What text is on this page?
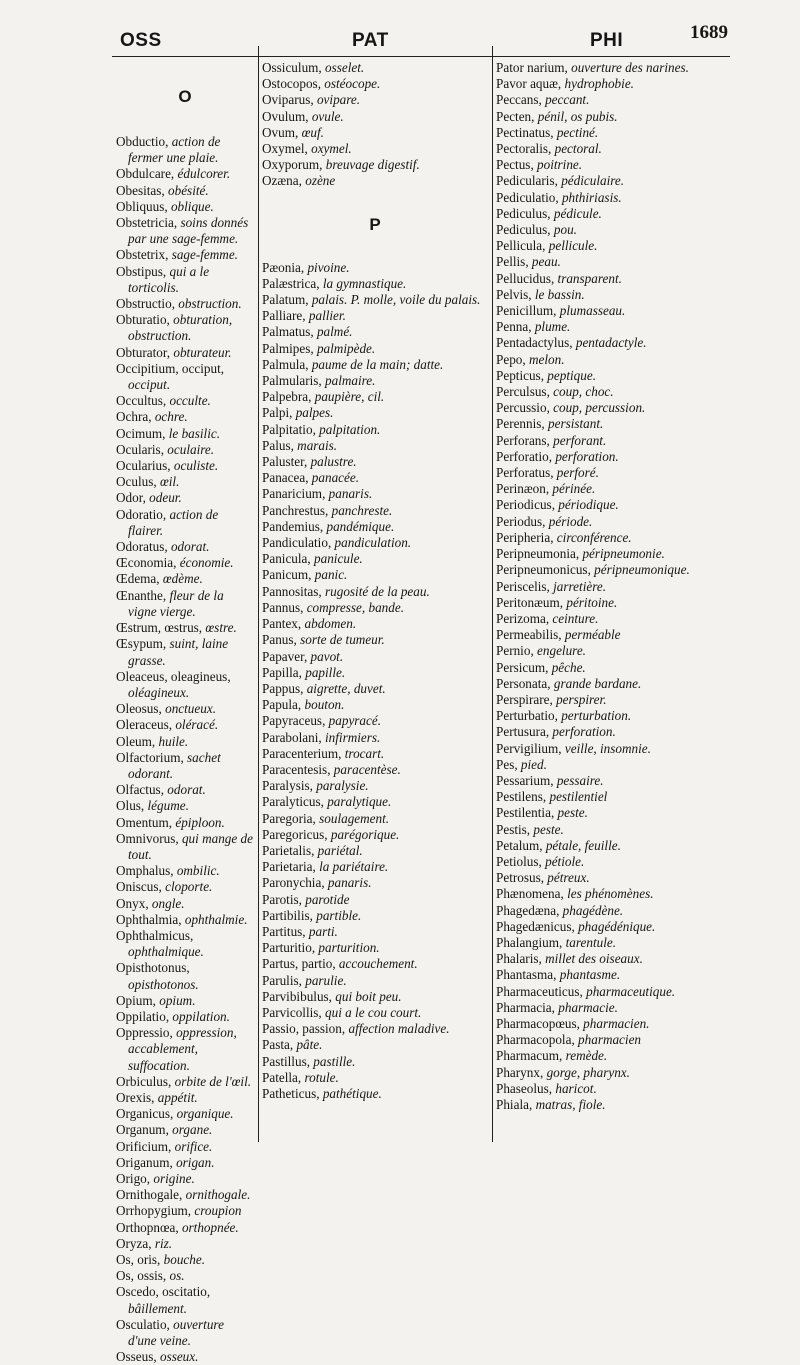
OSS	PAT	PHI	1689
O
Obductio, action de fermer une plaie.
Obdulcare, édulcorer.
Obesitas, obésité.
Obliquus, oblique.
Obstetricia, soins donnés par une sage-femme.
Obstetrix, sage-femme.
Obstipus, qui a le torticolis.
Obstructio, obstruction.
Obturatio, obturation, obstruction.
Obturator, obturateur.
Occipitium, occiput, occiput.
Occultus, occulte.
Ochra, ochre.
Ocimum, le basilic.
Ocularis, oculaire.
Ocularius, oculiste.
Oculus, œil.
Odor, odeur.
Odoratio, action de flairer.
Odoratus, odorat.
Œconomia, économie.
Œdema, œdème.
Œnanthe, fleur de la vigne vierge.
Œstrum, œstrus, œstre.
Œsypum, suint, laine grasse.
Oleaceus, oleagineus, oléagineux.
Oleosus, onctueux.
Oleraceus, oléracé.
Oleum, huile.
Olfactorium, sachet odorant.
Olfactus, odorat.
Olus, légume.
Omentum, épiploon.
Omnivorus, qui mange de tout.
Omphalus, ombilic.
Oniscus, cloporte.
Onyx, ongle.
Ophthalmia, ophthalmie.
Ophthalmicus, ophthalmique.
Opisthotonus, opisthotonos.
Opium, opium.
Oppilatio, oppilation.
Oppressio, oppression, accablement, suffocation.
Orbiculus, orbite de l'œil.
Orexis, appétit.
Organicus, organique.
Organum, organe.
Orificium, orifice.
Origanum, origan.
Origo, origine.
Ornithogale, ornithogale.
Orrhopygium, croupion
Orthopnœa, orthopnée.
Oryza, riz.
Os, oris, bouche.
Os, ossis, os.
Oscedo, oscitatio, bâillement.
Osculatio, ouverture d'une veine.
Osseus, osseux.
Ossiculum, osselet.
Ostocopos, ostéocope.
Oviparus, ovipare.
Ovulum, ovule.
Ovum, œuf.
Oxymel, oxymel.
Oxyporum, breuvage digestif.
Ozæna, ozène
P
Pæonia, pivoine.
Palæstrica, la gymnastique.
Palatum, palais. P. molle, voile du palais.
Palliare, pallier.
Palmatus, palmé.
Palmipes, palmipède.
Palmula, paume de la main; datte.
Palmularis, palmaire.
Palpebra, paupière, cil.
Palpi, palpes.
Palpitatio, palpitation.
Palus, marais.
Paluster, palustre.
Panacea, panacée.
Panaricium, panaris.
Panchrestus, panchreste.
Pandemius, pandémique.
Pandiculatio, pandiculation.
Panicula, panicule.
Panicum, panic.
Pannositas, rugosité de la peau.
Pannus, compresse, bande.
Pantex, abdomen.
Panus, sorte de tumeur.
Papaver, pavot.
Papilla, papille.
Pappus, aigrette, duvet.
Papula, bouton.
Papyraceus, papyracé.
Parabolani, infirmiers.
Paracenterium, trocart.
Paracentesis, paracentèse.
Paralysis, paralysie.
Paralyticus, paralytique.
Paregoria, soulagement.
Paregoricus, parégorique.
Parietalis, pariétal.
Parietaria, la pariétaire.
Paronychia, panaris.
Parotis, parotide
Partibilis, partible.
Partitus, parti.
Parturitio, parturition.
Partus, partio, accouchement.
Parulis, parulie.
Parvibibulus, qui boit peu.
Parvicollis, qui a le cou court.
Passio, passion, affection maladive.
Pasta, pâte.
Pastillus, pastille.
Patella, rotule.
Patheticus, pathétique.
Pator narium, ouverture des narines.
Pavor aquæ, hydrophobie.
Peccans, peccant.
Pecten, pénil, os pubis.
Pectinatus, pectiné.
Pectoralis, pectoral.
Pectus, poitrine.
Pedicularis, pédiculaire.
Pediculatio, phthiriasis.
Pediculus, pédicule.
Pediculus, pou.
Pellicula, pellicule.
Pellis, peau.
Pellucidus, transparent.
Pelvis, le bassin.
Penicillum, plumasseau.
Penna, plume.
Pentadactylus, pentadactyle.
Pepo, melon.
Pepticus, peptique.
Perculsus, coup, choc.
Percussio, coup, percussion.
Perennis, persistant.
Perforans, perforant.
Perforatio, perforation.
Perforatus, perforé.
Perinæon, périnée.
Periodicus, périodique.
Periodus, période.
Peripheria, circonférence.
Peripneumonia, péripneumonie.
Peripneumonicus, péripneumonique.
Periscelis, jarretière.
Peritonæum, péritoine.
Perizoma, ceinture.
Permeabilis, perméable
Pernio, engelure.
Persicum, pêche.
Personata, grande bardane.
Perspirare, perspirer.
Perturbatio, perturbation.
Pertusura, perforation.
Pervigilium, veille, insomnie.
Pes, pied.
Pessarium, pessaire.
Pestilens, pestilentiel
Pestilentia, peste.
Pestis, peste.
Petalum, pétale, feuille.
Petiolus, pétiole.
Petrosus, pétreux.
Phænomena, les phénomènes.
Phagedæna, phagédène.
Phagedænicus, phagédénique.
Phalangium, tarentule.
Phalaris, millet des oiseaux.
Phantasma, phantasme.
Pharmaceuticus, pharmaceutique.
Pharmacia, pharmacie.
Pharmacopœus, pharmacien.
Pharmacopola, pharmacien
Pharmacum, remède.
Pharynx, gorge, pharynx.
Phaseolus, haricot.
Phiala, matras, fiole.
